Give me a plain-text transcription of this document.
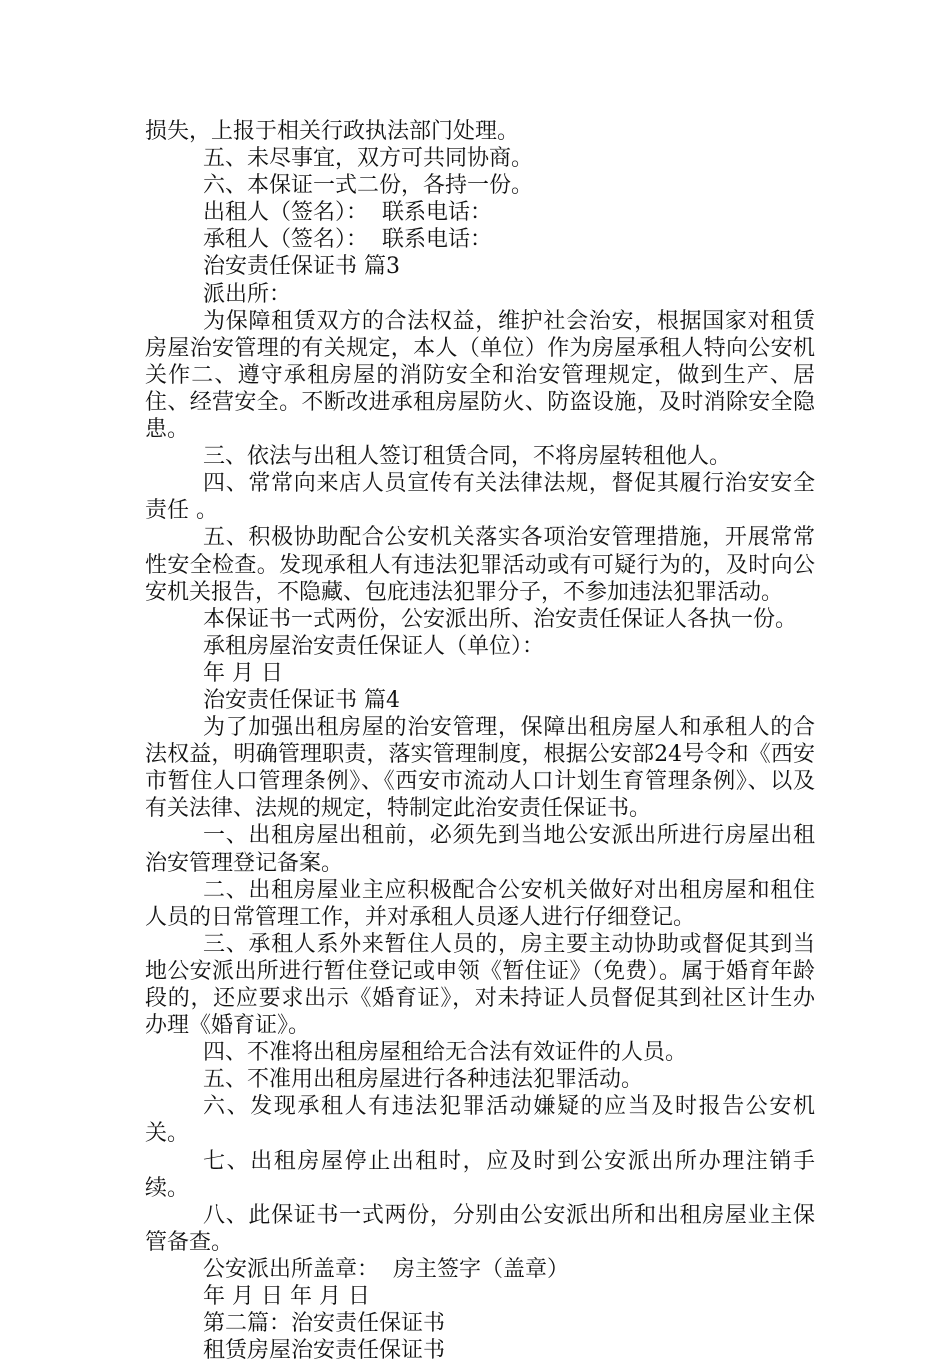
损失，上报于相关行政执法部门处理。

五、未尽事宜，双方可共同协商。

六、本保证一式二份，各持一份。

出租人（签名）：  联系电话：

承租人（签名）：  联系电话：

治安责任保证书 篇3

派出所：

为保障租赁双方的合法权益，维护社会治安，根据国家对租赁房屋治安管理的有关规定，本人（单位）作为房屋承租人特向公安机关作二、遵守承租房屋的消防安全和治安管理规定，做到生产、居住、经营安全。不断改进承租房屋防火、防盗设施，及时消除安全隐患。

三、依法与出租人签订租赁合同，不将房屋转租他人。

四、常常向来店人员宣传有关法律法规，督促其履行治安安全责任 。

五、积极协助配合公安机关落实各项治安管理措施，开展常常性安全检查。发现承租人有违法犯罪活动或有可疑行为的，及时向公安机关报告，不隐藏、包庇违法犯罪分子，不参加违法犯罪活动。

本保证书一式两份，公安派出所、治安责任保证人各执一份。

承租房屋治安责任保证人（单位）：

年 月 日

治安责任保证书 篇4

为了加强出租房屋的治安管理，保障出租房屋人和承租人的合法权益，明确管理职责，落实管理制度，根据公安部24号令和《西安市暂住人口管理条例》、《西安市流动人口计划生育管理条例》、以及有关法律、法规的规定，特制定此治安责任保证书。

一、出租房屋出租前，必须先到当地公安派出所进行房屋出租治安管理登记备案。

二、出租房屋业主应积极配合公安机关做好对出租房屋和租住人员的日常管理工作，并对承租人员逐人进行仔细登记。

三、承租人系外来暂住人员的，房主要主动协助或督促其到当地公安派出所进行暂住登记或申领《暂住证》（免费）。属于婚育年龄段的，还应要求出示《婚育证》，对未持证人员督促其到社区计生办办理《婚育证》。

四、不准将出租房屋租给无合法有效证件的人员。

五、不准用出租房屋进行各种违法犯罪活动。

六、发现承租人有违法犯罪活动嫌疑的应当及时报告公安机关。

七、出租房屋停止出租时，应及时到公安派出所办理注销手续。

八、此保证书一式两份，分别由公安派出所和出租房屋业主保管备查。

公安派出所盖章：  房主签字（盖章）

年 月 日 年 月 日

第二篇：治安责任保证书

租赁房屋治安责任保证书
